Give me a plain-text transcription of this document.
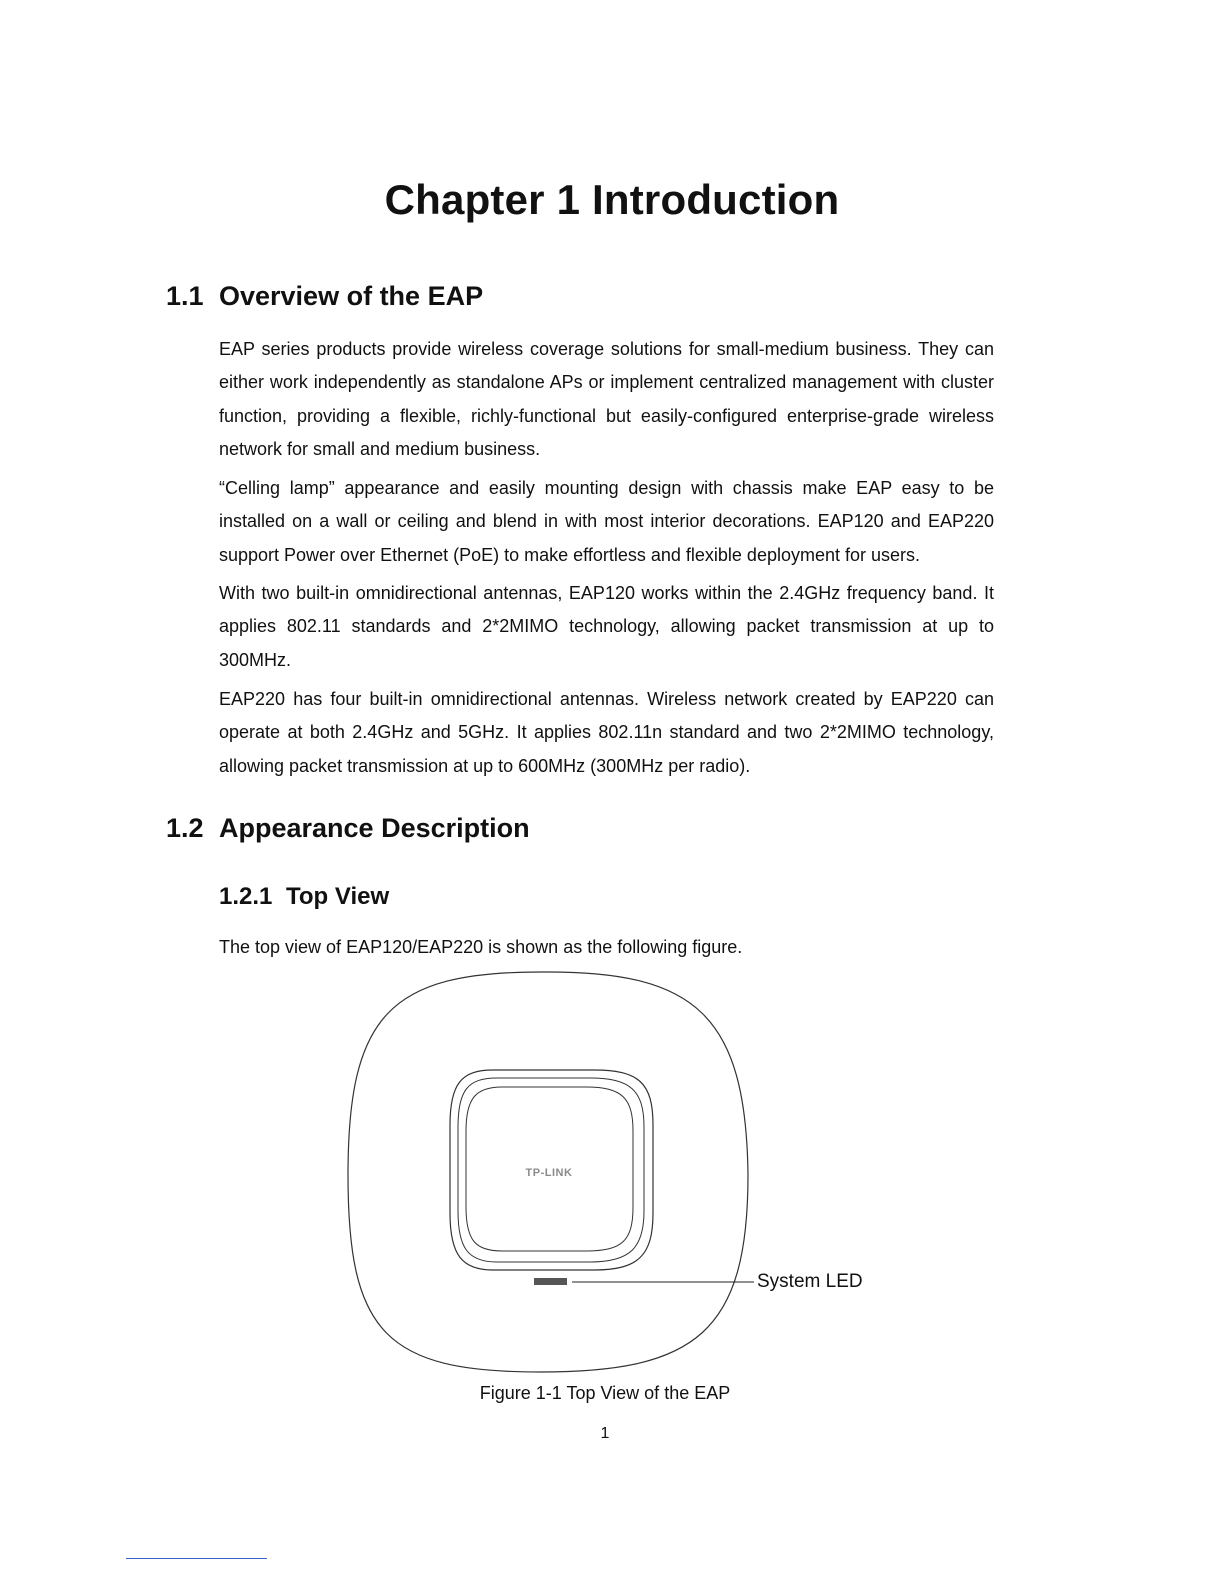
Chapter 1 Introduction
1.1 Overview of the EAP

EAP series products provide wireless coverage solutions for small-medium business. They can either work independently as standalone APs or implement centralized management with cluster function, providing a flexible, richly-functional but easily-configured enterprise-grade wireless network for small and medium business.

“Celling lamp” appearance and easily mounting design with chassis make EAP easy to be installed on a wall or ceiling and blend in with most interior decorations. EAP120 and EAP220 support Power over Ethernet (PoE) to make effortless and flexible deployment for users.

With two built-in omnidirectional antennas, EAP120 works within the 2.4GHz frequency band. It applies 802.11 standards and 2*2MIMO technology, allowing packet transmission at up to 300MHz.

EAP220 has four built-in omnidirectional antennas. Wireless network created by EAP220 can operate at both 2.4GHz and 5GHz. It applies 802.11n standard and two 2*2MIMO technology, allowing packet transmission at up to 600MHz (300MHz per radio).

1.2 Appearance Description
1.2.1 Top View

The top view of EAP120/EAP220 is shown as the following figure.

TP-LINK
System LED

Figure 1-1 Top View of the EAP

1
